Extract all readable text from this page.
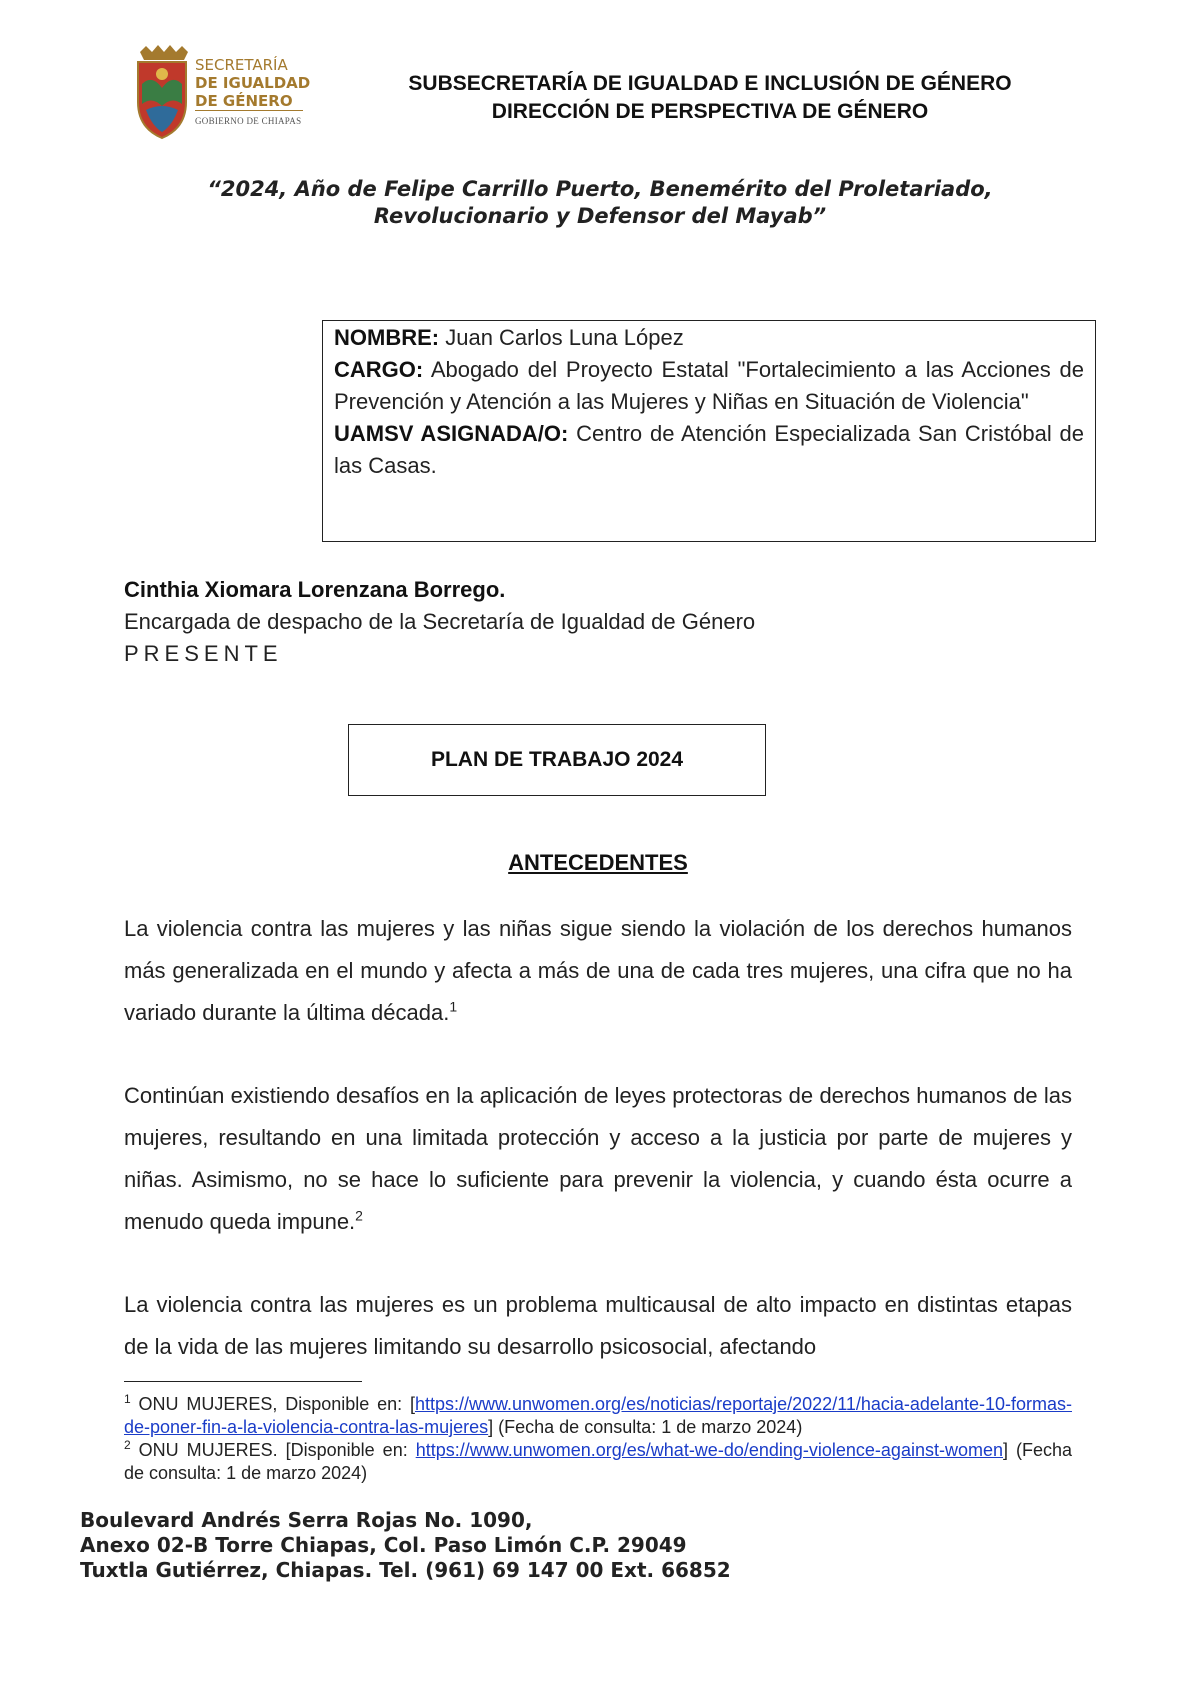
SECRETARÍA
DE IGUALDAD
DE GÉNERO
GOBIERNO DE CHIAPAS
SUBSECRETARÍA DE IGUALDAD E INCLUSIÓN DE GÉNERO
DIRECCIÓN DE PERSPECTIVA DE GÉNERO
“2024, Año de Felipe Carrillo Puerto, Benemérito del Proletariado,
Revolucionario y Defensor del Mayab”

NOMBRE: Juan Carlos Luna López

CARGO: Abogado del Proyecto Estatal "Fortalecimiento a las Acciones de Prevención y Atención a las Mujeres y Niñas en Situación de Violencia"

UAMSV ASIGNADA/O: Centro de Atención Especializada San Cristóbal de las Casas.

Cinthia Xiomara Lorenzana Borrego.
Encargada de despacho de la Secretaría de Igualdad de Género
PRESENTE
PLAN DE TRABAJO 2024
ANTECEDENTES

La violencia contra las mujeres y las niñas sigue siendo la violación de los derechos humanos más generalizada en el mundo y afecta a más de una de cada tres mujeres, una cifra que no ha variado durante la última década.$^1$

Continúan existiendo desafíos en la aplicación de leyes protectoras de derechos humanos de las mujeres, resultando en una limitada protección y acceso a la justicia por parte de mujeres y niñas. Asimismo, no se hace lo suficiente para prevenir la violencia, y cuando ésta ocurre a menudo queda impune.$^2$

La violencia contra las mujeres es un problema multicausal de alto impacto en distintas etapas de la vida de las mujeres limitando su desarrollo psicosocial, afectando

$^1$ ONU MUJERES, Disponible en: [https://www.unwomen.org/es/noticias/reportaje/2022/11/hacia-adelante-10-formas-de-poner-fin-a-la-violencia-contra-las-mujeres] (Fecha de consulta: 1 de marzo 2024)

$^2$ ONU MUJERES. [Disponible en: https://www.unwomen.org/es/what-we-do/ending-violence-against-women] (Fecha de consulta: 1 de marzo 2024)

Boulevard Andrés Serra Rojas No. 1090,
Anexo 02-B Torre Chiapas, Col. Paso Limón C.P. 29049
Tuxtla Gutiérrez, Chiapas. Tel. (961) 69 147 00 Ext. 66852
